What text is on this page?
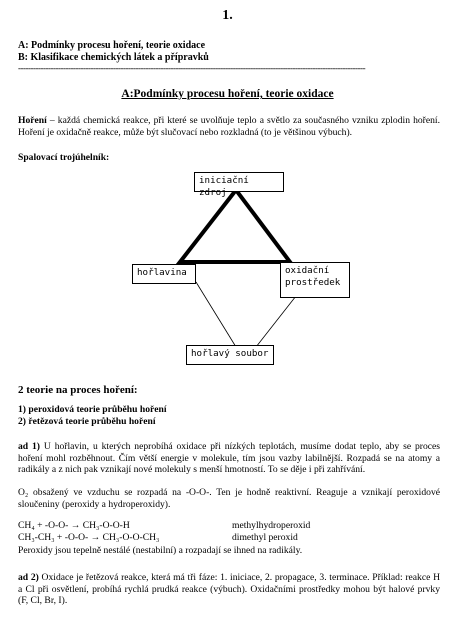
1.
A: Podmínky procesu hoření, teorie oxidace
B: Klasifikace chemických látek a přípravků
-------------------------------------------------------------------------------------------------------------------------------------------
A:Podmínky procesu hoření, teorie oxidace
Hoření – každá chemická reakce, při které se uvolňuje teplo a světlo za současného vzniku zplodin hoření. Hoření je oxidačně reakce, může být slučovací nebo rozkladná (to je většinou výbuch).
Spalovací trojúhelník:
iniciační zdroj
hořlavina	oxidační
prostředek
hořlavý soubor
2 teorie na proces hoření:
1) peroxidová teorie průběhu hoření
2) řetězová teorie průběhu hoření
ad 1) U hořlavin, u kterých neprobíhá oxidace při nízkých teplotách, musíme dodat teplo, aby se proces hoření mohl rozběhnout. Čím větší energie v molekule, tím jsou vazby labilnější. Rozpadá se na atomy a radikály a z nich pak vznikají nové molekuly s menší hmotností. To se děje i při zahřívání.
O₂ obsažený ve vzduchu se rozpadá na -O-O-. Ten je hodně reaktivní. Reaguje a vznikají peroxidové sloučeniny (peroxidy a hydroperoxidy).
CH₄ + -O-O- → CH₃-O-O-H	methylhydroperoxid
CH₃-CH₃ + -O-O- → CH₃-O-O-CH₃	dimethyl peroxid
Peroxidy jsou tepelně nestálé (nestabilní) a rozpadají se ihned na radikály.
ad 2) Oxidace je řetězová reakce, která má tři fáze: 1. iniciace, 2. propagace, 3. terminace. Příklad: reakce H a Cl při osvětlení, probíhá rychlá prudká reakce (výbuch). Oxidačními prostředky mohou být halové prvky (F, Cl, Br, I).
